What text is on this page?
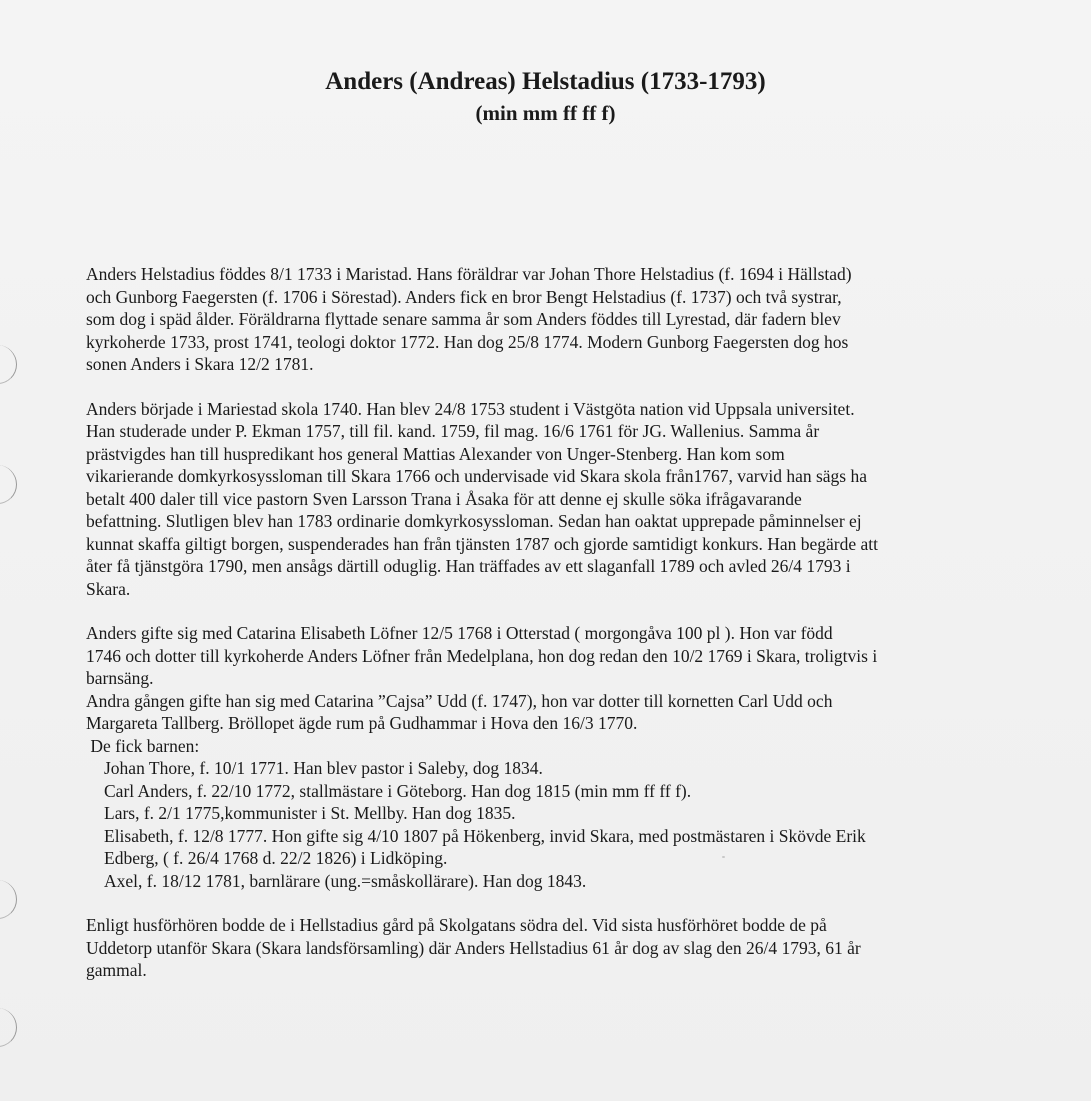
Anders (Andreas) Helstadius (1733-1793)
(min mm ff ff f)

Anders Helstadius föddes 8/1 1733 i Maristad. Hans föräldrar var Johan Thore Helstadius (f. 1694 i Hällstad)
och Gunborg Faegersten (f. 1706 i Sörestad). Anders fick en bror Bengt Helstadius (f. 1737) och två systrar,
som dog i späd ålder. Föräldrarna flyttade senare samma år som Anders föddes till Lyrestad, där fadern blev
kyrkoherde 1733, prost 1741, teologi doktor 1772. Han dog 25/8 1774. Modern Gunborg Faegersten dog hos
sonen Anders i Skara 12/2 1781.

Anders började i Mariestad skola 1740. Han blev 24/8 1753 student i Västgöta nation vid Uppsala universitet.
Han studerade under P. Ekman 1757, till fil. kand. 1759, fil mag. 16/6 1761 för JG. Wallenius. Samma år
prästvigdes han till huspredikant hos general Mattias Alexander von Unger-Stenberg. Han kom som
vikarierande domkyrkosyssloman till Skara 1766 och undervisade vid Skara skola från1767, varvid han sägs ha
betalt 400 daler till vice pastorn Sven Larsson Trana i Åsaka för att denne ej skulle söka ifrågavarande
befattning. Slutligen blev han 1783 ordinarie domkyrkosyssloman. Sedan han oaktat upprepade påminnelser ej
kunnat skaffa giltigt borgen, suspenderades han från tjänsten 1787 och gjorde samtidigt konkurs. Han begärde att
åter få tjänstgöra 1790, men ansågs därtill oduglig. Han träffades av ett slaganfall 1789 och avled 26/4 1793 i
Skara.

Anders gifte sig med Catarina Elisabeth Löfner 12/5 1768 i Otterstad ( morgongåva 100 pl ). Hon var född
1746 och dotter till kyrkoherde Anders Löfner från Medelplana, hon dog redan den 10/2 1769 i Skara, troligtvis i
barnsäng.
Andra gången gifte han sig med Catarina ”Cajsa” Udd (f. 1747), hon var dotter till kornetten Carl Udd och
Margareta Tallberg. Bröllopet ägde rum på Gudhammar i Hova den 16/3 1770.
De fick barnen:

Johan Thore, f. 10/1 1771. Han blev pastor i Saleby, dog 1834.
Carl Anders, f. 22/10 1772, stallmästare i Göteborg. Han dog 1815 (min mm ff ff f).
Lars, f. 2/1 1775,kommunister i St. Mellby. Han dog 1835.
Elisabeth, f. 12/8 1777. Hon gifte sig 4/10 1807 på Hökenberg, invid Skara, med postmästaren i Skövde Erik
Edberg, ( f. 26/4 1768 d. 22/2 1826) i Lidköping.
Axel, f. 18/12 1781, barnlärare (ung.=småskollärare). Han dog 1843.

Enligt husförhören bodde de i Hellstadius gård på Skolgatans södra del. Vid sista husförhöret bodde de på
Uddetorp utanför Skara (Skara landsförsamling) där Anders Hellstadius 61 år dog av slag den 26/4 1793, 61 år
gammal.
